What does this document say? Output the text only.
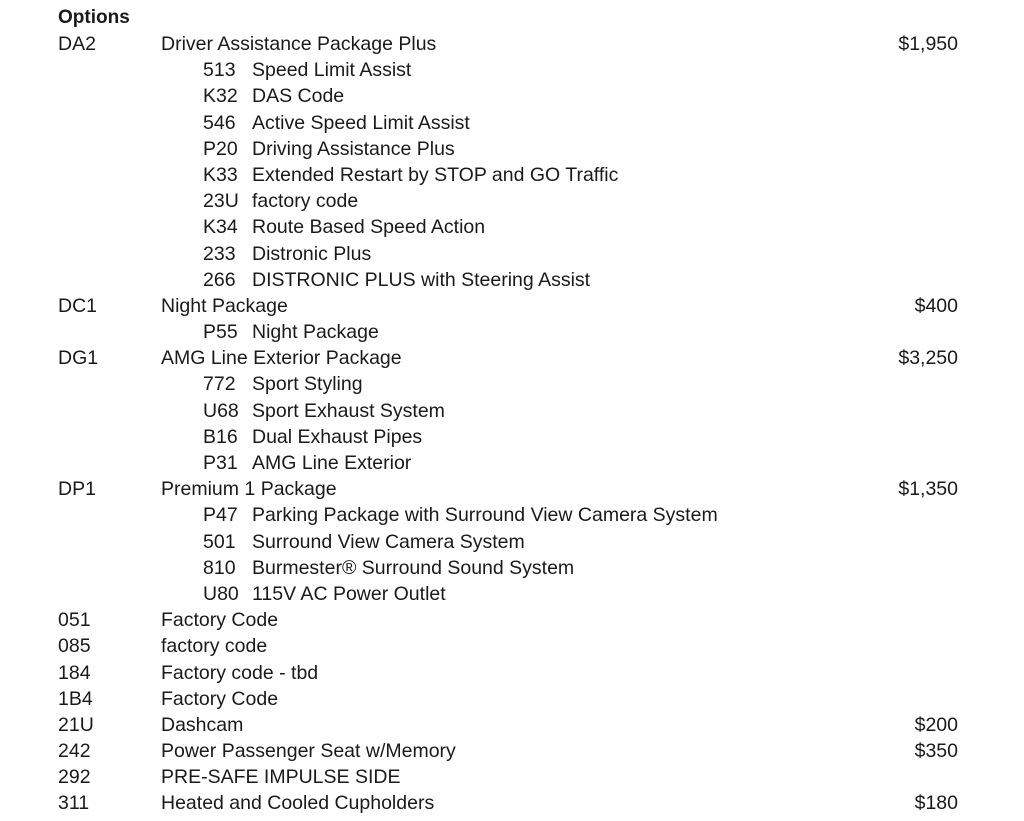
Options
DA2	Driver Assistance Package Plus	$1,950
513 Speed Limit Assist
K32 DAS Code
546 Active Speed Limit Assist
P20 Driving Assistance Plus
K33 Extended Restart by STOP and GO Traffic
23U factory code
K34 Route Based Speed Action
233 Distronic Plus
266 DISTRONIC PLUS with Steering Assist
DC1	Night Package	$400
P55 Night Package
DG1	AMG Line Exterior Package	$3,250
772 Sport Styling
U68 Sport Exhaust System
B16 Dual Exhaust Pipes
P31 AMG Line Exterior
DP1	Premium 1 Package	$1,350
P47 Parking Package with Surround View Camera System
501 Surround View Camera System
810 Burmester® Surround Sound System
U80 115V AC Power Outlet
051	Factory Code
085	factory code
184	Factory code - tbd
1B4	Factory Code
21U	Dashcam	$200
242	Power Passenger Seat w/Memory	$350
292	PRE-SAFE IMPULSE SIDE
311	Heated and Cooled Cupholders	$180
